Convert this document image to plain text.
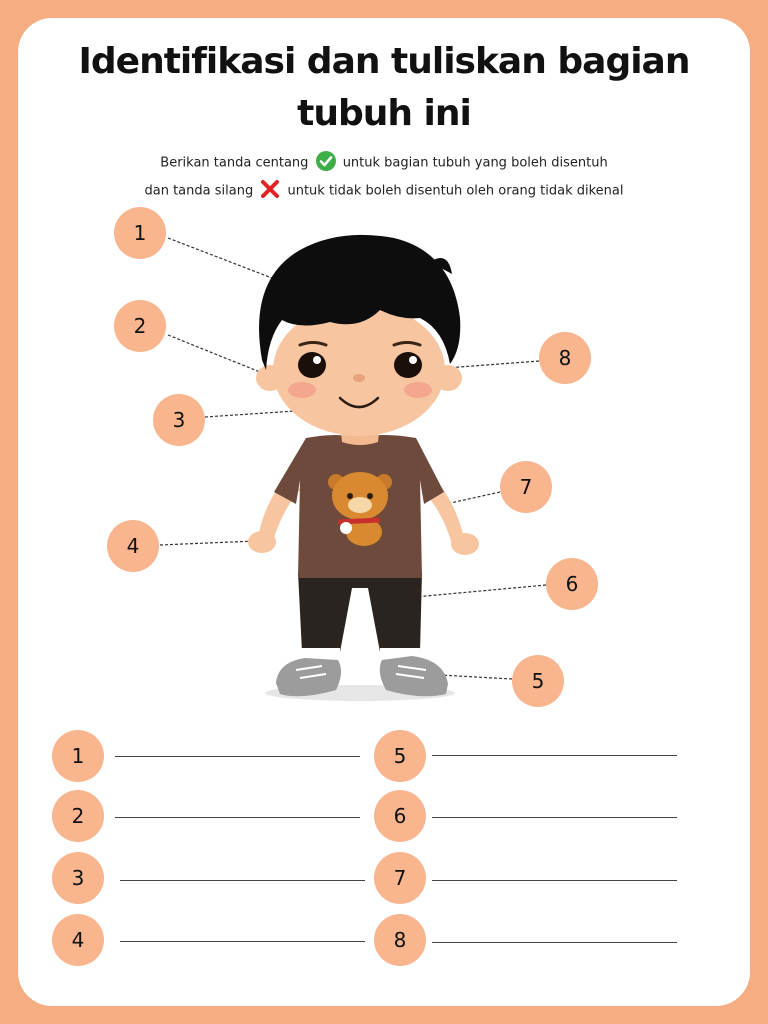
Identifikasi dan tuliskan bagian
tubuh ini
Berikan tanda centang	untuk bagian tubuh yang boleh disentuh
dan tanda silang	untuk tidak boleh disentuh oleh orang tidak dikenal
1
2
3
4
5
6
7
8
1
2
3
4
5
6
7
8
